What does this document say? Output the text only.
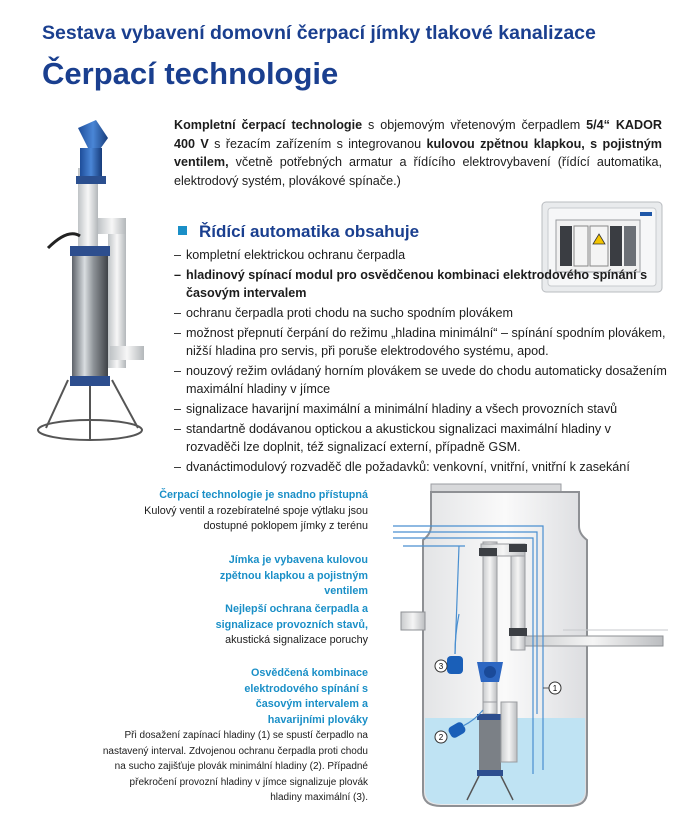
Sestava vybavení domovní čerpací jímky tlakové kanalizace
Čerpací technologie
Kompletní čerpací technologie s objemovým vřetenovým čerpadlem 5/4“ KADOR 400 V s řezacím zařízením s integrovanou kulovou zpětnou klapkou, s pojistným ventilem, včetně potřebných armatur a řídícího elektrovybavení (řídící automatika, elektrodový systém, plovákové spínače.)
Řídící automatika obsahuje
– kompletní elektrickou ochranu čerpadla
– hladinový spínací modul pro osvědčenou kombinaci elektrodového spínání s časovým intervalem
– ochranu čerpadla proti chodu na sucho spodním plovákem
– možnost přepnutí čerpání do režimu „hladina minimální“ – spínání spodním plovákem, nižší hladina pro servis, při poruše elektrodového systému, apod.
– nouzový režim ovládaný horním plovákem se uvede do chodu automaticky dosažením maximální hladiny v jímce
– signalizace havarijní maximální a minimální hladiny a všech provozních stavů
– standartně dodávanou optickou a akustickou signalizaci maximální hladiny v rozvaděči lze doplnit, též signalizací externí, případně GSM.
– dvanáctimodulový rozvaděč dle požadavků: venkovní, vnitřní, vnitřní k zasekání
Čerpací technologie je snadno přístupná
Kulový ventil a rozebíratelné spoje výtlaku jsou dostupné poklopem jímky z terénu
Jímka je vybavena kulovou zpětnou klapkou a pojistným ventilem
Nejlepší ochrana čerpadla a signalizace provozních stavů,
akustická signalizace poruchy
Osvědčená kombinace elektrodového spínání s časovým intervalem a havarijními plováky
Při dosažení zapínací hladiny (1) se spustí čerpadlo na nastavený interval. Zdvojenou ochranu čerpadla proti chodu na sucho zajišťuje plovák minimální hladiny (2). Případné překročení provozní hladiny v jímce signalizuje plovák hladiny maximální (3).
3
2
1
